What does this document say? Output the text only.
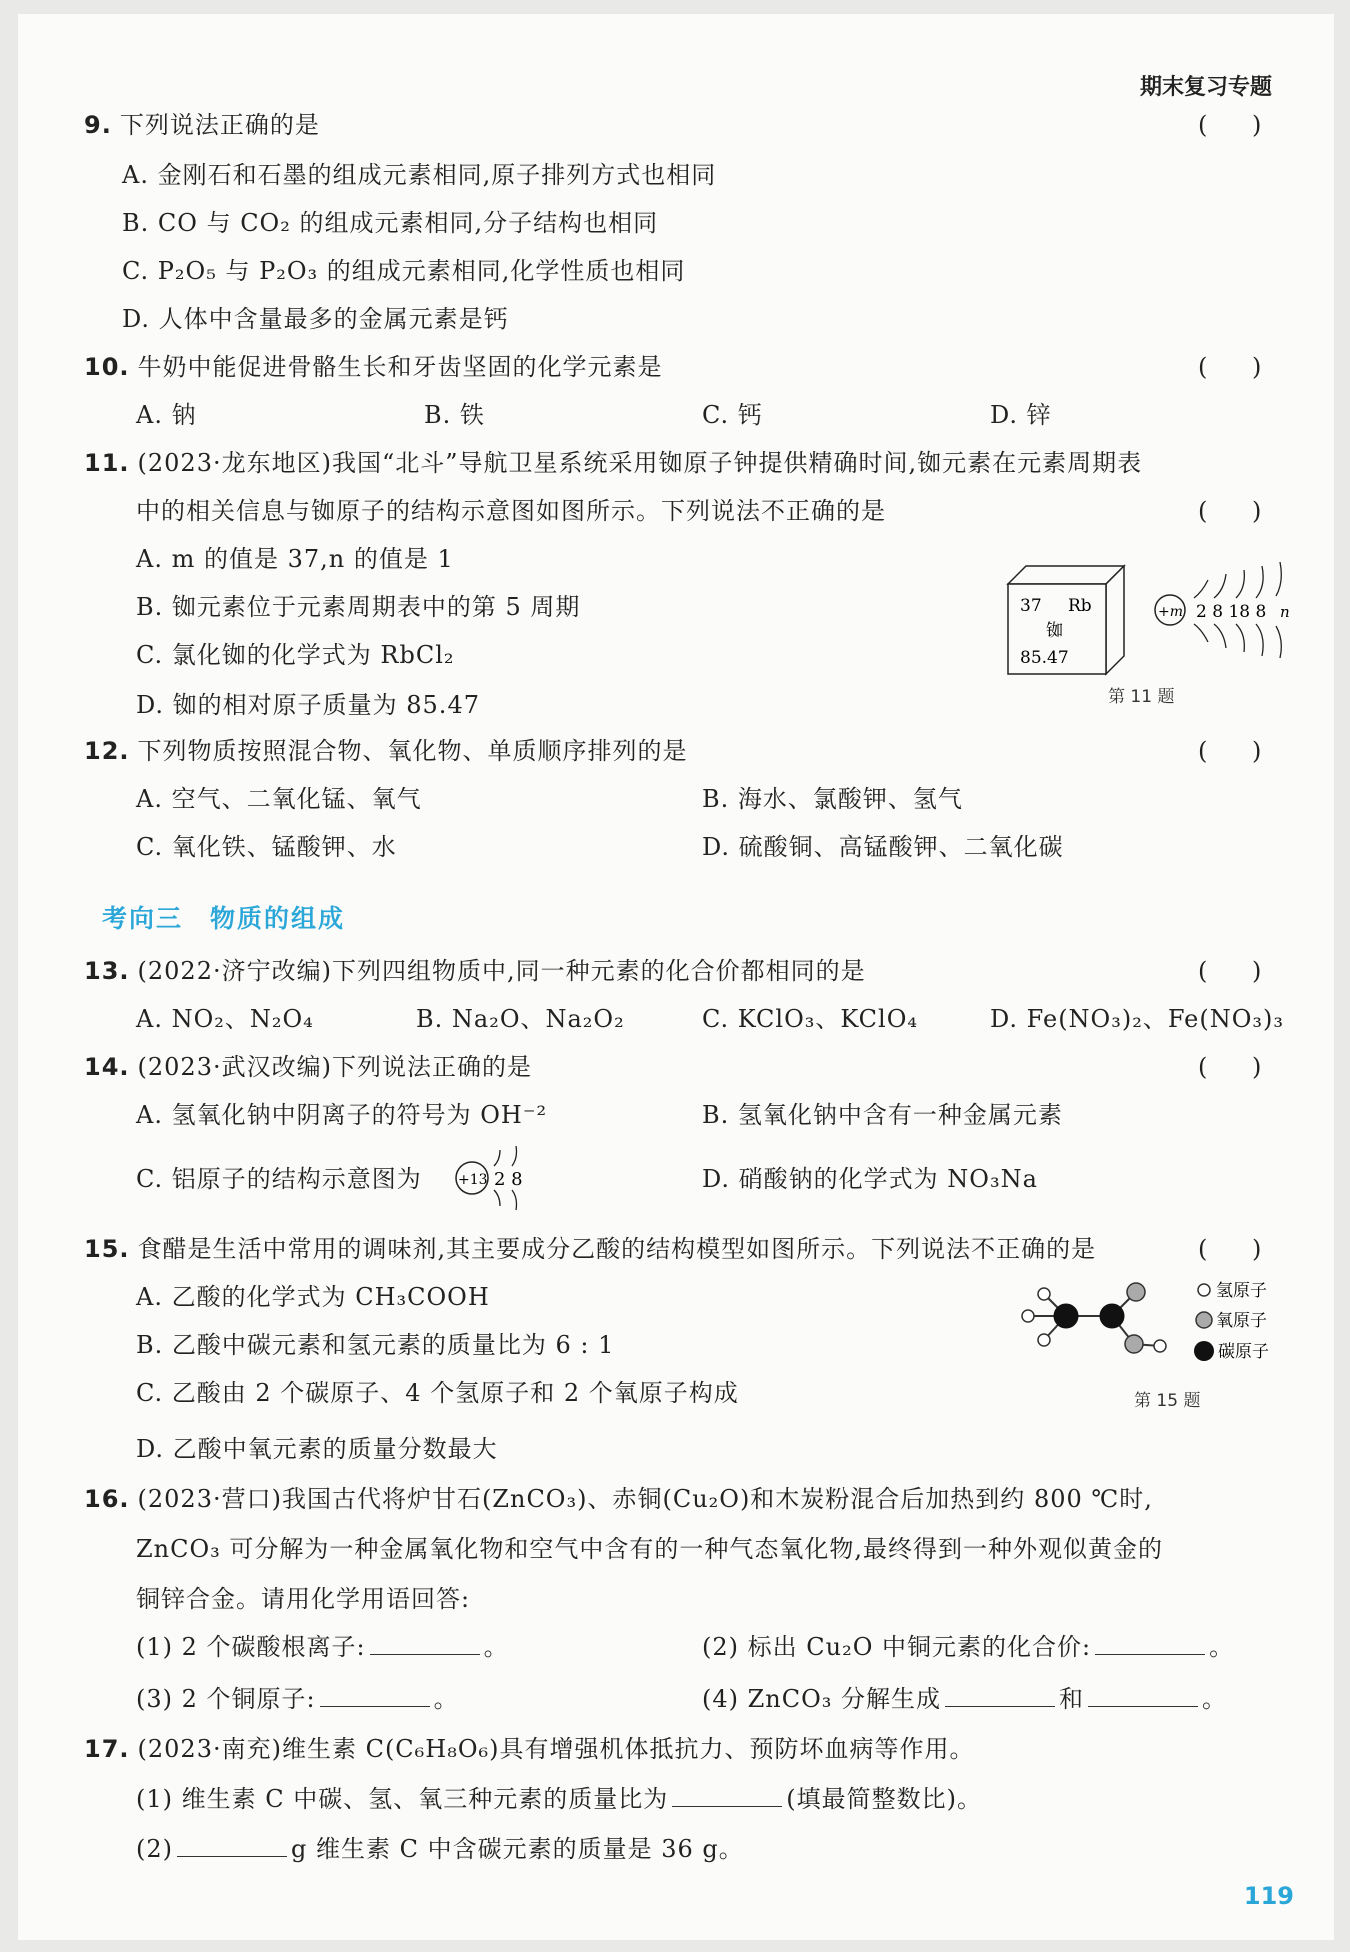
期末复习专题
9. 下列说法正确的是	( )
A. 金刚石和石墨的组成元素相同,原子排列方式也相同
B. CO 与 CO₂ 的组成元素相同,分子结构也相同
C. P₂O₅ 与 P₂O₃ 的组成元素相同,化学性质也相同
D. 人体中含量最多的金属元素是钙
10. 牛奶中能促进骨骼生长和牙齿坚固的化学元素是	( )
A. 钠	B. 铁	C. 钙	D. 锌
11. (2023·龙东地区)我国“北斗”导航卫星系统采用铷原子钟提供精确时间,铷元素在元素周期表
中的相关信息与铷原子的结构示意图如图所示。下列说法不正确的是	( )
A. m 的值是 37,n 的值是 1
B. 铷元素位于元素周期表中的第 5 周期
C. 氯化铷的化学式为 RbCl₂
D. 铷的相对原子质量为 85.47
37 Rb
铷
85.47
+m 2 8 18 8 n
第 11 题
12. 下列物质按照混合物、氧化物、单质顺序排列的是	( )
A. 空气、二氧化锰、氧气	B. 海水、氯酸钾、氢气
C. 氧化铁、锰酸钾、水	D. 硫酸铜、高锰酸钾、二氧化碳
考向三　物质的组成
13. (2022·济宁改编)下列四组物质中,同一种元素的化合价都相同的是	( )
A. NO₂、N₂O₄	B. Na₂O、Na₂O₂	C. KClO₃、KClO₄	D. Fe(NO₃)₂、Fe(NO₃)₃
14. (2023·武汉改编)下列说法正确的是	( )
A. 氢氧化钠中阴离子的符号为 OH⁻²	B. 氢氧化钠中含有一种金属元素
C. 铝原子的结构示意图为	+13 2 8	D. 硝酸钠的化学式为 NO₃Na
15. 食醋是生活中常用的调味剂,其主要成分乙酸的结构模型如图所示。下列说法不正确的是	( )
A. 乙酸的化学式为 CH₃COOH
B. 乙酸中碳元素和氢元素的质量比为 6 : 1
C. 乙酸由 2 个碳原子、4 个氢原子和 2 个氧原子构成
D. 乙酸中氧元素的质量分数最大
氢原子
氧原子
碳原子
第 15 题
16. (2023·营口)我国古代将炉甘石(ZnCO₃)、赤铜(Cu₂O)和木炭粉混合后加热到约 800 ℃时,
ZnCO₃ 可分解为一种金属氧化物和空气中含有的一种气态氧化物,最终得到一种外观似黄金的
铜锌合金。请用化学用语回答:
(1) 2 个碳酸根离子:	。	(2) 标出 Cu₂O 中铜元素的化合价:	。
(3) 2 个铜原子:	。	(4) ZnCO₃ 分解生成	和	。
17. (2023·南充)维生素 C(C₆H₈O₆)具有增强机体抵抗力、预防坏血病等作用。
(1) 维生素 C 中碳、氢、氧三种元素的质量比为	(填最简整数比)。
(2)	g 维生素 C 中含碳元素的质量是 36 g。
119
